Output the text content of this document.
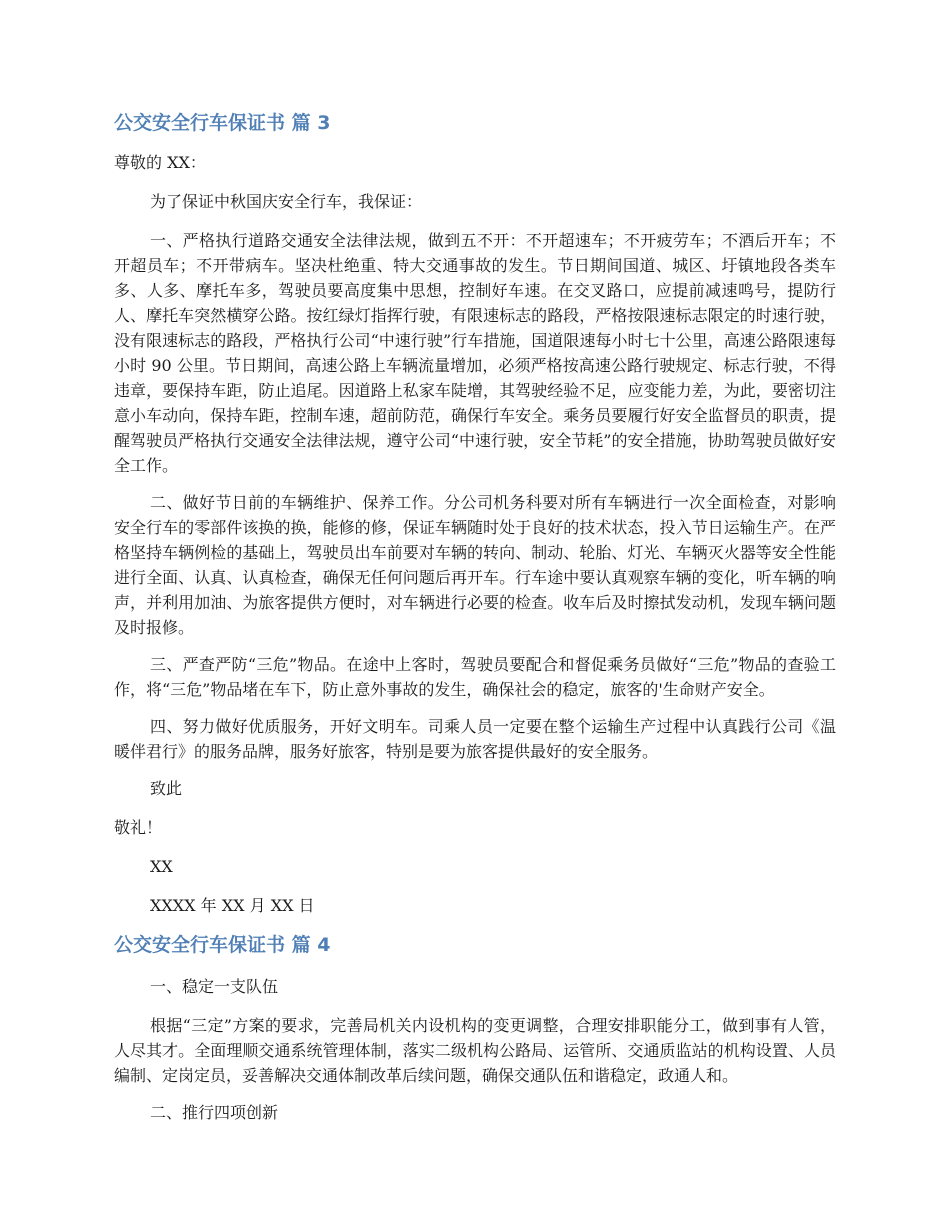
公交安全行车保证书 篇 3

尊敬的 XX：

为了保证中秋国庆安全行车，我保证：

一、严格执行道路交通安全法律法规，做到五不开：不开超速车；不开疲劳车；不酒后开车；不开超员车；不开带病车。坚决杜绝重、特大交通事故的发生。节日期间国道、城区、圩镇地段各类车多、人多、摩托车多，驾驶员要高度集中思想，控制好车速。在交叉路口，应提前减速鸣号，提防行人、摩托车突然横穿公路。按红绿灯指挥行驶，有限速标志的路段，严格按限速标志限定的时速行驶，没有限速标志的路段，严格执行公司“中速行驶”行车措施，国道限速每小时七十公里，高速公路限速每小时 90 公里。节日期间，高速公路上车辆流量增加，必须严格按高速公路行驶规定、标志行驶，不得违章，要保持车距，防止追尾。因道路上私家车陡增，其驾驶经验不足，应变能力差，为此，要密切注意小车动向，保持车距，控制车速，超前防范，确保行车安全。乘务员要履行好安全监督员的职责，提醒驾驶员严格执行交通安全法律法规，遵守公司“中速行驶，安全节耗”的安全措施，协助驾驶员做好安全工作。

二、做好节日前的车辆维护、保养工作。分公司机务科要对所有车辆进行一次全面检查，对影响安全行车的零部件该换的换，能修的修，保证车辆随时处于良好的技术状态，投入节日运输生产。在严格坚持车辆例检的基础上，驾驶员出车前要对车辆的转向、制动、轮胎、灯光、车辆灭火器等安全性能进行全面、认真、认真检查，确保无任何问题后再开车。行车途中要认真观察车辆的变化，听车辆的响声，并利用加油、为旅客提供方便时，对车辆进行必要的检查。收车后及时擦拭发动机，发现车辆问题及时报修。

三、严查严防“三危”物品。在途中上客时，驾驶员要配合和督促乘务员做好“三危”物品的查验工作，将“三危”物品堵在车下，防止意外事故的发生，确保社会的稳定，旅客的'生命财产安全。

四、努力做好优质服务，开好文明车。司乘人员一定要在整个运输生产过程中认真践行公司《温暖伴君行》的服务品牌，服务好旅客，特别是要为旅客提供最好的安全服务。

致此

敬礼！

XX

XXXX 年 XX 月 XX 日

公交安全行车保证书 篇 4

一、稳定一支队伍

根据“三定”方案的要求，完善局机关内设机构的变更调整，合理安排职能分工，做到事有人管，人尽其才。全面理顺交通系统管理体制，落实二级机构公路局、运管所、交通质监站的机构设置、人员编制、定岗定员，妥善解决交通体制改革后续问题，确保交通队伍和谐稳定，政通人和。

二、推行四项创新
